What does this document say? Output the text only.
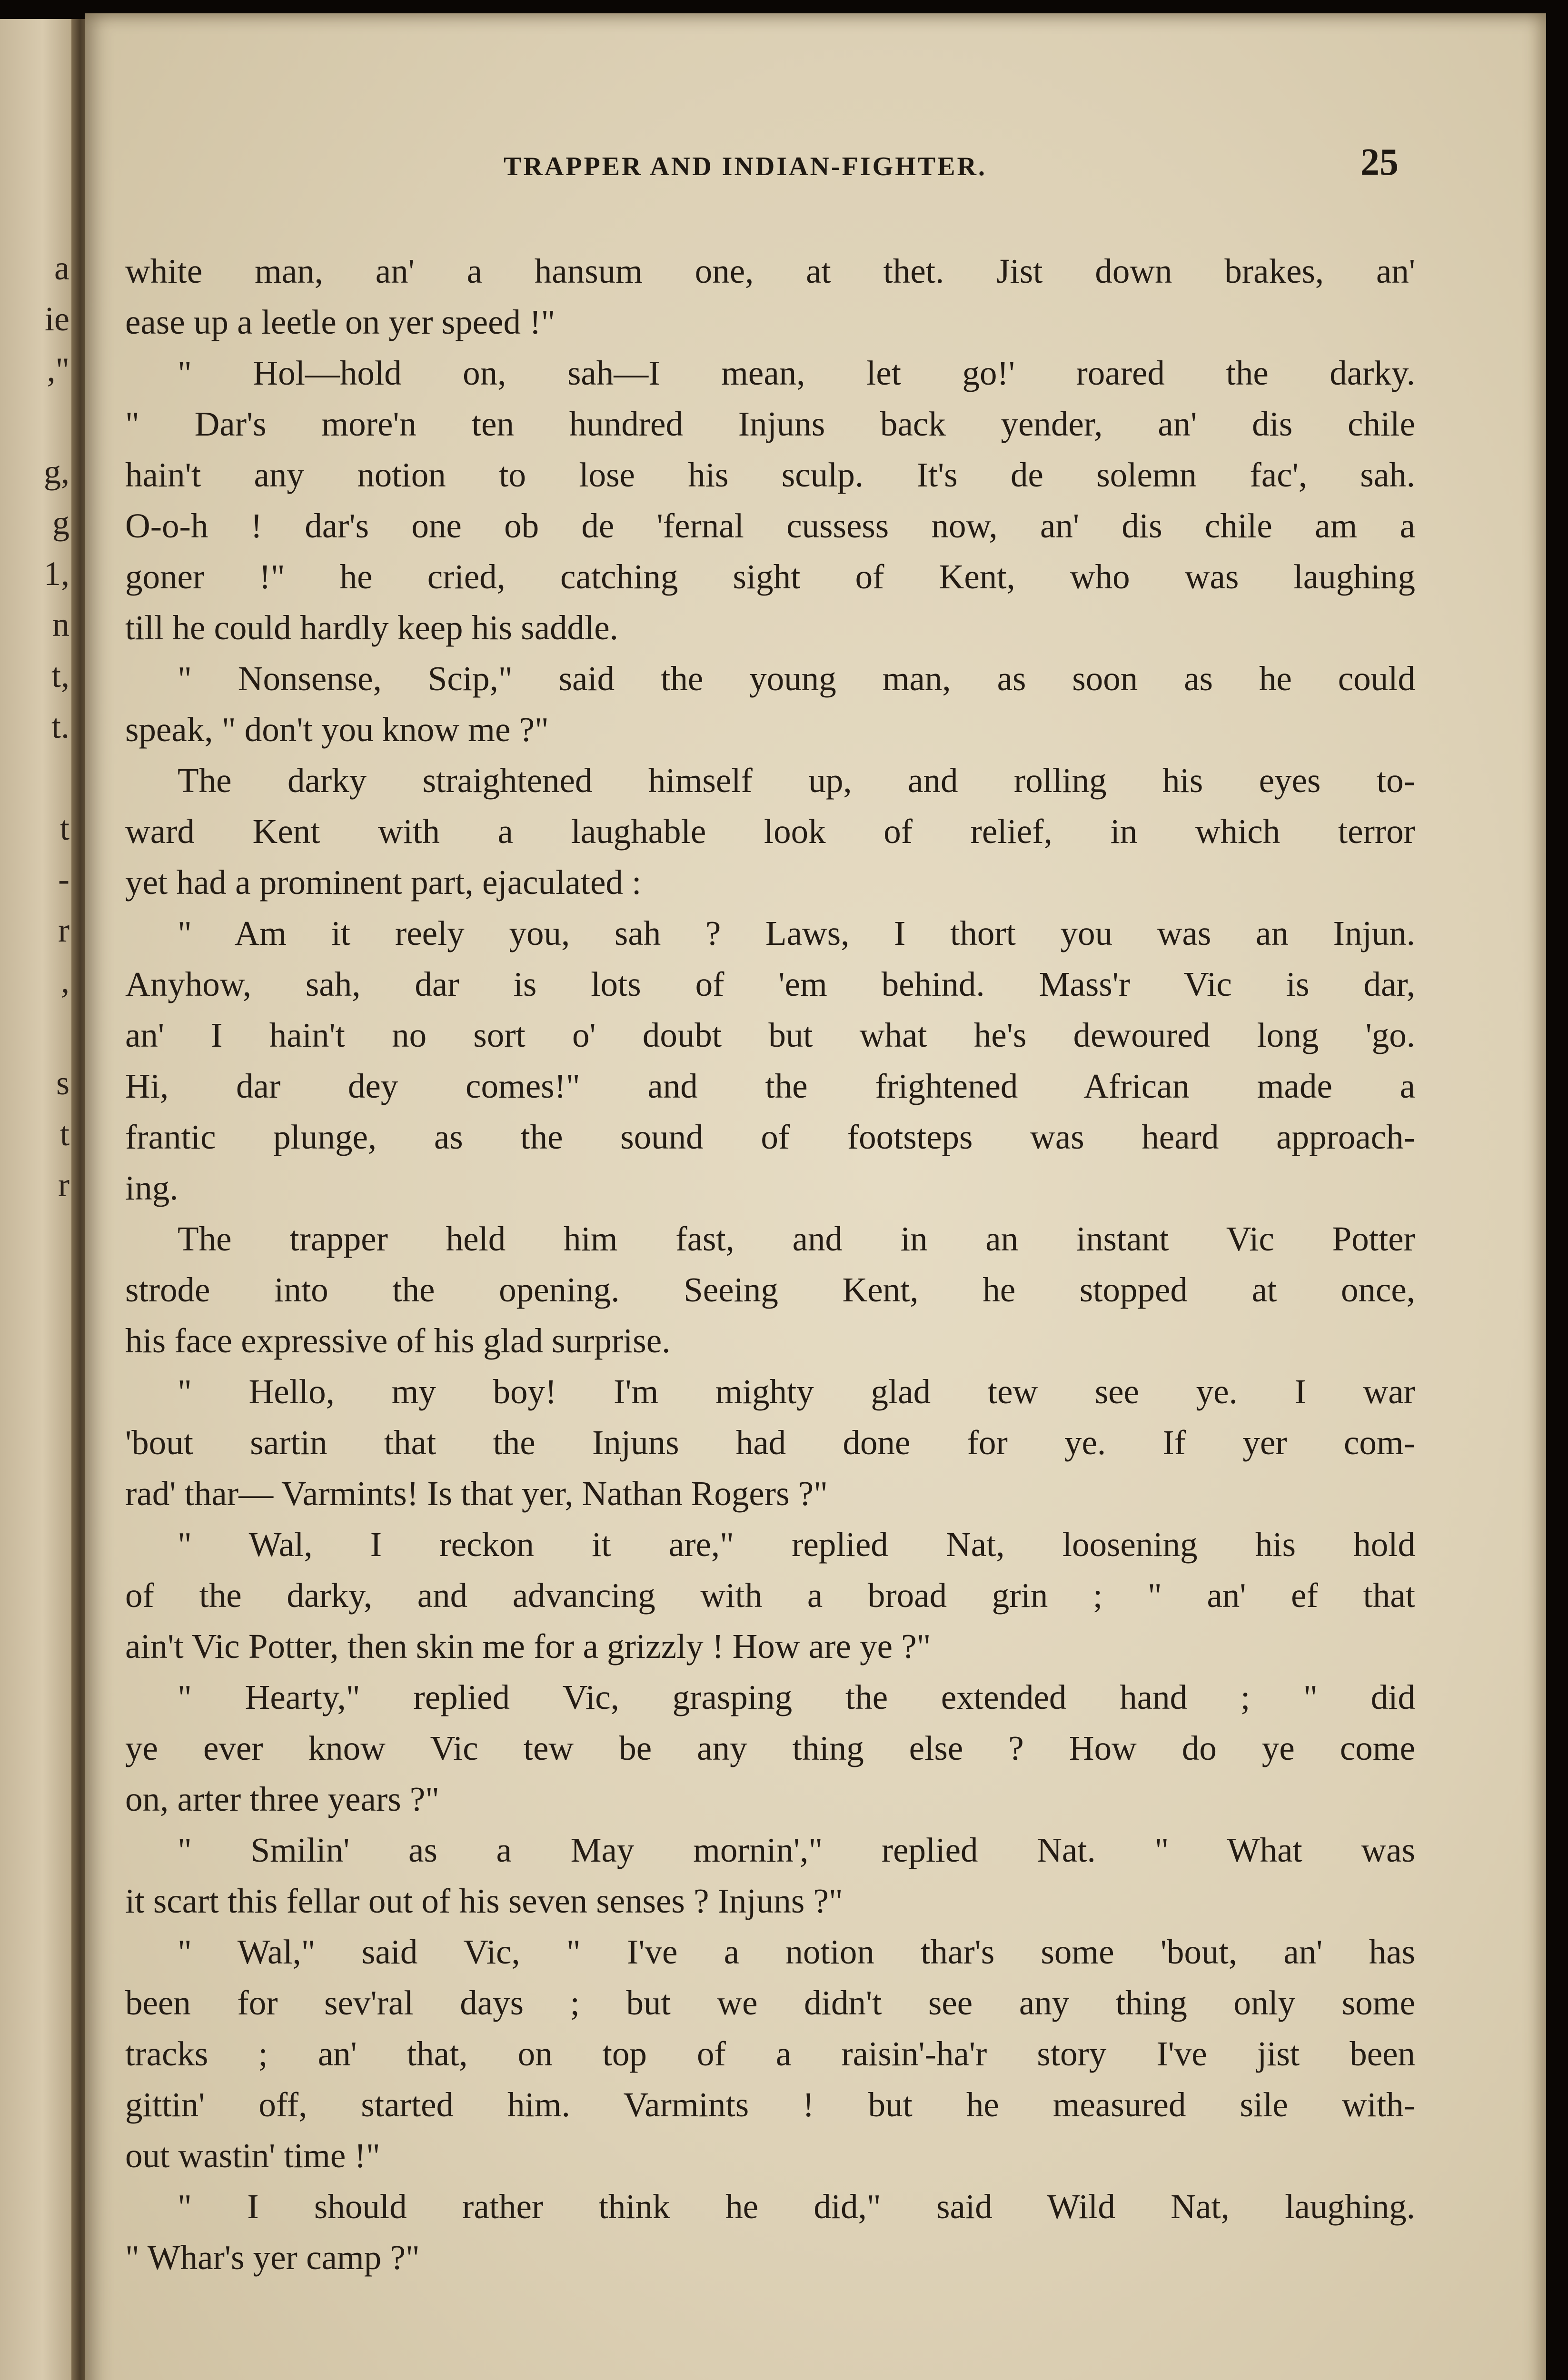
a
ie
,"

g,
g
1,
n
t,
t.

t
-
r
,

s
t
r
TRAPPER AND INDIAN-FIGHTER.	25
white man, an' a hansum one, at thet. Jist down brakes, an'
ease up a leetle on yer speed !"
" Hol—hold on, sah—I mean, let go!' roared the darky.
" Dar's more'n ten hundred Injuns back yender, an' dis chile
hain't any notion to lose his sculp. It's de solemn fac', sah.
O-o-h ! dar's one ob de 'fernal cussess now, an' dis chile am a
goner !" he cried, catching sight of Kent, who was laughing
till he could hardly keep his saddle.
" Nonsense, Scip," said the young man, as soon as he could
speak, " don't you know me ?"
The darky straightened himself up, and rolling his eyes to-
ward Kent with a laughable look of relief, in which terror
yet had a prominent part, ejaculated :
" Am it reely you, sah ? Laws, I thort you was an Injun.
Anyhow, sah, dar is lots of 'em behind. Mass'r Vic is dar,
an' I hain't no sort o' doubt but what he's dewoured long 'go.
Hi, dar dey comes!" and the frightened African made a
frantic plunge, as the sound of footsteps was heard approach-
ing.
The trapper held him fast, and in an instant Vic Potter
strode into the opening. Seeing Kent, he stopped at once,
his face expressive of his glad surprise.
" Hello, my boy! I'm mighty glad tew see ye. I war
'bout sartin that the Injuns had done for ye. If yer com-
rad' thar— Varmints! Is that yer, Nathan Rogers ?"
" Wal, I reckon it are," replied Nat, loosening his hold
of the darky, and advancing with a broad grin ; " an' ef that
ain't Vic Potter, then skin me for a grizzly ! How are ye ?"
" Hearty," replied Vic, grasping the extended hand ; " did
ye ever know Vic tew be any thing else ? How do ye come
on, arter three years ?"
" Smilin' as a May mornin'," replied Nat. " What was
it scart this fellar out of his seven senses ? Injuns ?"
" Wal," said Vic, " I've a notion thar's some 'bout, an' has
been for sev'ral days ; but we didn't see any thing only some
tracks ; an' that, on top of a raisin'-ha'r story I've jist been
gittin' off, started him. Varmints ! but he measured sile with-
out wastin' time !"
" I should rather think he did," said Wild Nat, laughing.
" Whar's yer camp ?"
